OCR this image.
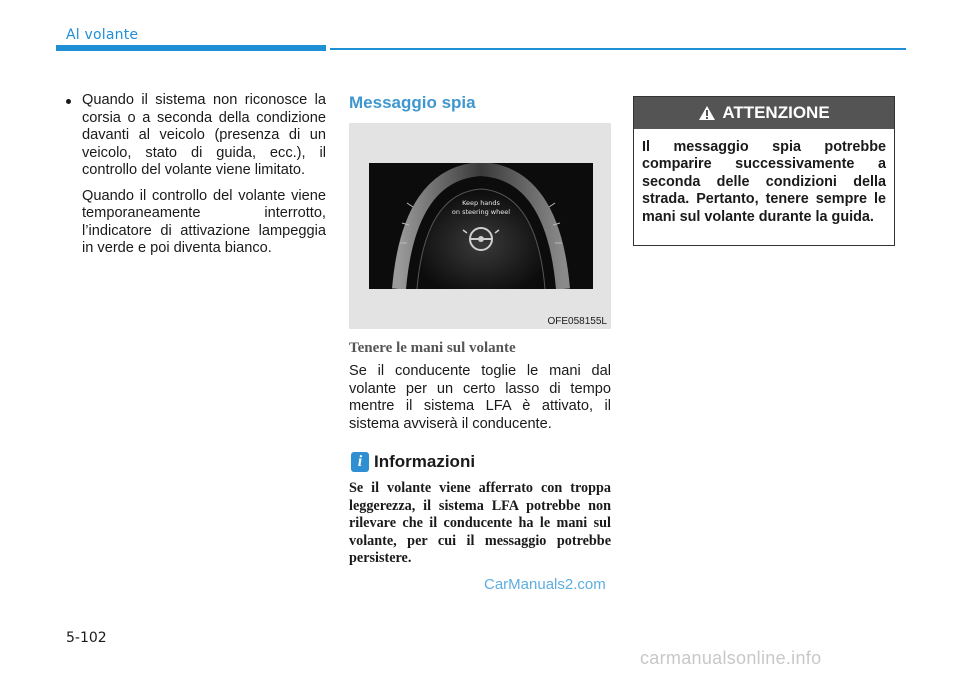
Al volante
Quando il sistema non riconosce la corsia o a seconda della condizione davanti al veicolo (presenza di un veicolo, stato di guida, ecc.), il controllo del volante viene limitato.
Quando il controllo del volante viene temporaneamente interrotto, l’indicatore di attivazione lampeggia in verde e poi diventa bianco.
Messaggio spia
Keep hands
on steering wheel
OFE058155L
Tenere le mani sul volante
Se il conducente toglie le mani dal volante per un certo lasso di tempo mentre il sistema LFA è attivato, il sistema avviserà il conducente.
i Informazioni
Se il volante viene afferrato con troppa leggerezza, il sistema LFA potrebbe non rilevare che il conducente ha le mani sul volante, per cui il messaggio potrebbe persistere.
CarManuals2.com
ATTENZIONE
Il messaggio spia potrebbe comparire successivamente a seconda delle condizioni della strada. Pertanto, tenere sempre le mani sul volante durante la guida.
5-102
carmanualsonline.info
